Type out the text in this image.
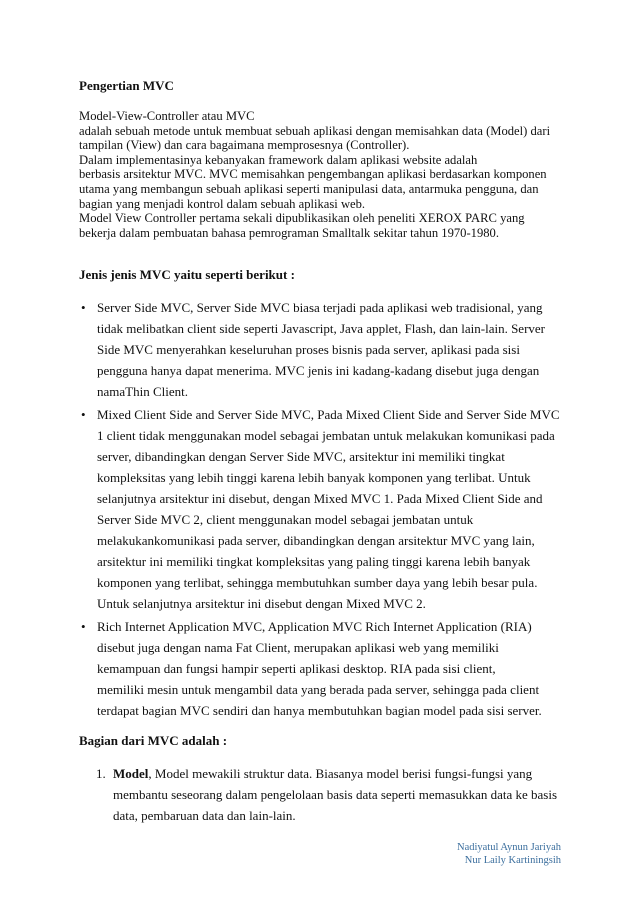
Pengertian MVC

Model-View-Controller atau MVC
adalah sebuah metode untuk membuat sebuah aplikasi dengan memisahkan data (Model) dari
tampilan (View) dan cara bagaimana memprosesnya (Controller).
Dalam implementasinya kebanyakan framework dalam aplikasi website adalah
berbasis arsitektur MVC. MVC memisahkan pengembangan aplikasi berdasarkan komponen
utama yang membangun sebuah aplikasi seperti manipulasi data, antarmuka pengguna, dan
bagian yang menjadi kontrol dalam sebuah aplikasi web.
Model View Controller pertama sekali dipublikasikan oleh peneliti XEROX PARC yang
bekerja dalam pembuatan bahasa pemrograman Smalltalk sekitar tahun 1970-1980.

Jenis jenis MVC yaitu seperti berikut :
• Server Side MVC, Server Side MVC biasa terjadi pada aplikasi web tradisional, yang
tidak melibatkan client side seperti Javascript, Java applet, Flash, dan lain-lain. Server
Side MVC menyerahkan keseluruhan proses bisnis pada server, aplikasi pada sisi
pengguna hanya dapat menerima. MVC jenis ini kadang-kadang disebut juga dengan
namaThin Client.
• Mixed Client Side and Server Side MVC, Pada Mixed Client Side and Server Side MVC
1 client tidak menggunakan model sebagai jembatan untuk melakukan komunikasi pada
server, dibandingkan dengan Server Side MVC, arsitektur ini memiliki tingkat
kompleksitas yang lebih tinggi karena lebih banyak komponen yang terlibat. Untuk
selanjutnya arsitektur ini disebut, dengan Mixed MVC 1. Pada Mixed Client Side and
Server Side MVC 2, client menggunakan model sebagai jembatan untuk
melakukankomunikasi pada server, dibandingkan dengan arsitektur MVC yang lain,
arsitektur ini memiliki tingkat kompleksitas yang paling tinggi karena lebih banyak
komponen yang terlibat, sehingga membutuhkan sumber daya yang lebih besar pula.
Untuk selanjutnya arsitektur ini disebut dengan Mixed MVC 2.
• Rich Internet Application MVC, Application MVC Rich Internet Application (RIA)
disebut juga dengan nama Fat Client, merupakan aplikasi web yang memiliki
kemampuan dan fungsi hampir seperti aplikasi desktop. RIA pada sisi client,
memiliki mesin untuk mengambil data yang berada pada server, sehingga pada client
terdapat bagian MVC sendiri dan hanya membutuhkan bagian model pada sisi server.
Bagian dari MVC adalah :
1. Model, Model mewakili struktur data. Biasanya model berisi fungsi-fungsi yang
membantu seseorang dalam pengelolaan basis data seperti memasukkan data ke basis
data, pembaruan data dan lain-lain.
Nadiyatul Aynun Jariyah
Nur Laily Kartiningsih
